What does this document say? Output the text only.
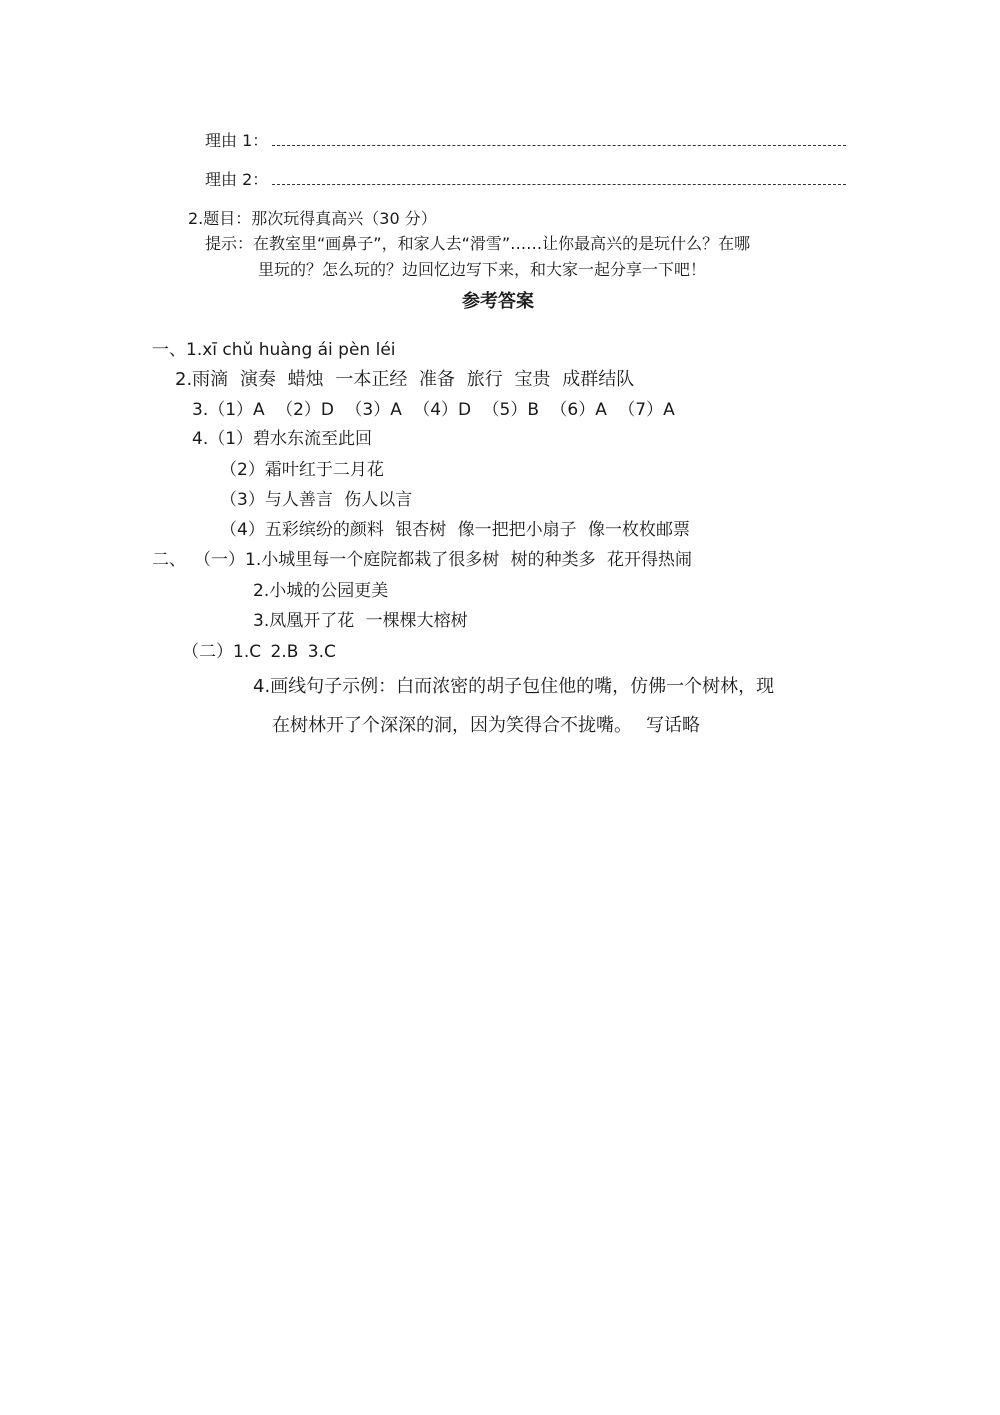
理由 1：
理由 2：
2.题目：那次玩得真高兴（30 分）
提示：在教室里“画鼻子”，和家人去“滑雪”……让你最高兴的是玩什么？在哪
里玩的？怎么玩的？边回忆边写下来，和大家一起分享一下吧！
参考答案
一、1.xī chǔ huàng ái pèn léi
2.雨滴 演奏 蜡烛 一本正经 准备 旅行 宝贵 成群结队
3.（1）A （2）D （3）A （4）D （5）B （6）A （7）A
4.（1）碧水东流至此回
（2）霜叶红于二月花
（3）与人善言 伤人以言
（4）五彩缤纷的颜料 银杏树 像一把把小扇子 像一枚枚邮票
二、 （一）1.小城里每一个庭院都栽了很多树 树的种类多 花开得热闹
2.小城的公园更美
3.凤凰开了花 一棵棵大榕树
（二）1.C 2.B 3.C
4.画线句子示例：白而浓密的胡子包住他的嘴，仿佛一个树林，现
在树林开了个深深的洞，因为笑得合不拢嘴。 写话略
